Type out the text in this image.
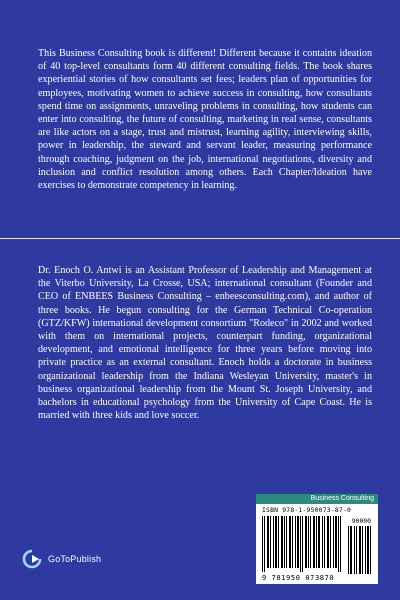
This Business Consulting book is different! Different because it contains ideation of 40 top-level consultants form 40 different consulting fields. The book shares experiential stories of how consultants set fees; leaders plan of opportunities for employees, motivating women to achieve success in consulting, how consultants spend time on assignments, unraveling problems in consulting, how students can enter into consulting, the future of consulting, marketing in real sense, consultants are like actors on a stage, trust and mistrust, learning agility, interviewing skills, power in leadership, the steward and servant leader, measuring performance through coaching, judgment on the job, international negotiations, diversity and inclusion and conflict resolution among others. Each Chapter/Ideation have exercises to demonstrate competency in learning.
Dr. Enoch O. Antwi is an Assistant Professor of Leadership and Management at the Viterbo University, La Crosse, USA; international consultant (Founder and CEO of ENBEES Business Consulting – enbeesconsulting.com), and author of three books. He begun consulting for the German Technical Co-operation (GTZ/KFW) international development consortium "Rodeco" in 2002 and worked with them on international projects, counterpart funding, organizational development, and emotional intelligence for three years before moving into private practice as an external consultant. Enoch holds a doctorate in business organizational leadership from the Indiana Wesleyan University, master's in business organizational leadership from the Mount St. Joseph University, and bachelors in educational psychology from the University of Cape Coast. He is married with three kids and love soccer.
GoToPublish
Business Consulting
ISBN 978-1-950073-87-0
90000
9 781950 073870
